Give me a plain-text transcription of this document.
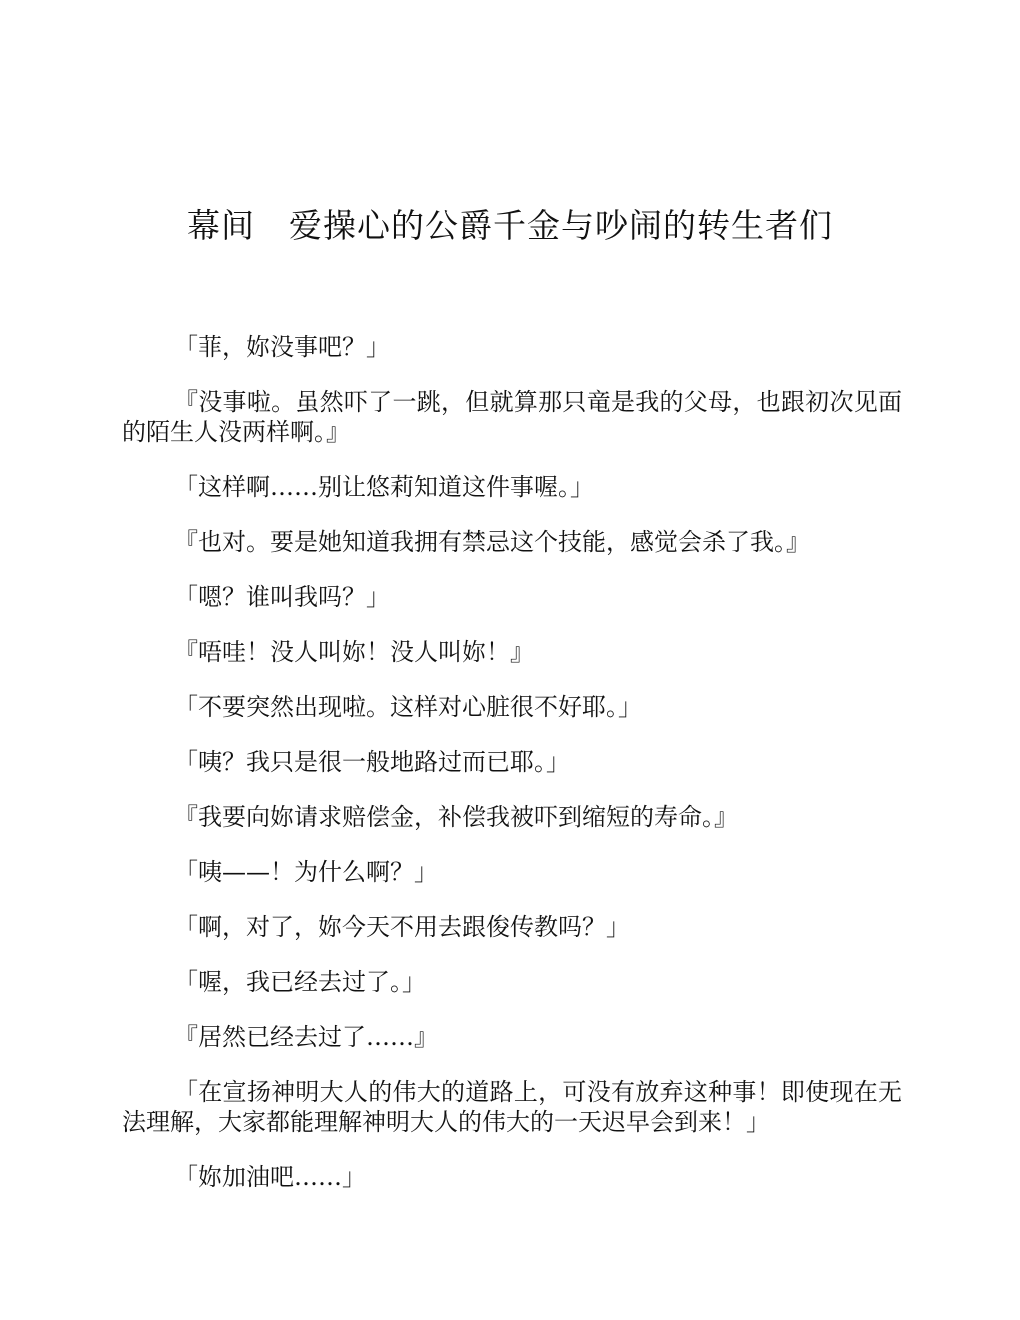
幕间　爱操心的公爵千金与吵闹的转生者们

「菲，妳没事吧？」

『没事啦。虽然吓了一跳，但就算那只竜是我的父母，也跟初次见面的陌生人没两样啊。』

「这样啊……别让悠莉知道这件事喔。」

『也对。要是她知道我拥有禁忌这个技能，感觉会杀了我。』

「嗯？谁叫我吗？」

『唔哇！没人叫妳！没人叫妳！』

「不要突然出现啦。这样对心脏很不好耶。」

「咦？我只是很一般地路过而已耶。」

『我要向妳请求赔偿金，补偿我被吓到缩短的寿命。』

「咦——！为什么啊？」

「啊，对了，妳今天不用去跟俊传教吗？」

「喔，我已经去过了。」

『居然已经去过了……』

「在宣扬神明大人的伟大的道路上，可没有放弃这种事！即使现在无法理解，大家都能理解神明大人的伟大的一天迟早会到来！」

「妳加油吧……」
